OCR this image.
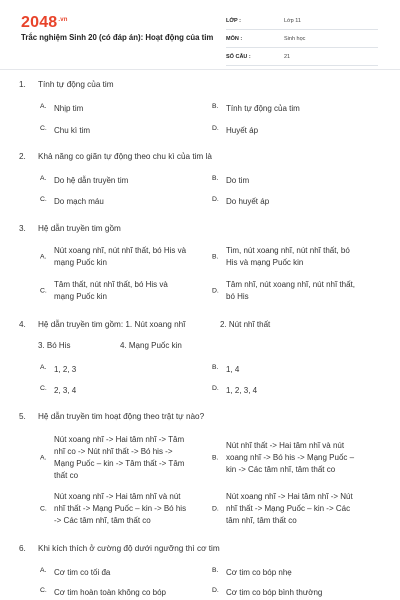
$2048^{.vn}$
Trắc nghiệm Sinh 20 (có đáp án): Hoạt động của tim
LỚP :	Lớp 11
MÔN :	Sinh học
SỐ CÂU :	21
1. Tính tự động của tim
A. Nhịp tim	B. Tính tự động của tim
C. Chu kì tim	D. Huyết áp
2. Khả năng co giãn tự động theo chu kì của tim là
A. Do hệ dẫn truyền tim	B. Do tim
C. Do mạch máu	D. Do huyết áp
3. Hệ dẫn truyền tim gồm
A.
Nút xoang nhĩ, nút nhĩ thất, bó His và
mạng Puốc kin
B.
Tim, nút xoang nhĩ, nút nhĩ thất, bó
His và mạng Puốc kin
C.
Tâm thất, nút nhĩ thất, bó His và
mạng Puốc kin
D.
Tâm nhĩ, nút xoang nhĩ, nút nhĩ thất,
bó His
4. Hệ dẫn truyền tim gồm: 1. Nút xoang nhĩ	2. Nút nhĩ thất
3. Bó His	4. Mạng Puốc kin
A. 1, 2, 3	B. 1, 4
C. 2, 3, 4	D. 1, 2, 3, 4
5. Hệ dẫn truyền tim hoạt động theo trật tự nào?
A.
Nút xoang nhĩ -> Hai tâm nhĩ -> Tâm
nhĩ co -> Nút nhĩ thất -> Bó his ->
Mạng Puốc – kin -> Tâm thất -> Tâm
thất co
B.
Nút nhĩ thất -> Hai tâm nhĩ và nút
xoang nhĩ -> Bó his -> Mạng Puốc –
kin -> Các tâm nhĩ, tâm thất co
C.
Nút xoang nhĩ -> Hai tâm nhĩ và nút
nhĩ thất -> Mạng Puốc – kin -> Bó his
-> Các tâm nhĩ, tâm thất co
D.
Nút xoang nhĩ -> Hai tâm nhĩ -> Nút
nhĩ thất -> Mạng Puốc – kin -> Các
tâm nhĩ, tâm thất co
6. Khi kích thích ở cường độ dưới ngưỡng thì cơ tim
A. Cơ tim co tối đa	B. Cơ tim co bóp nhẹ
C. Cơ tim hoàn toàn không co bóp	D. Cơ tim co bóp bình thường
